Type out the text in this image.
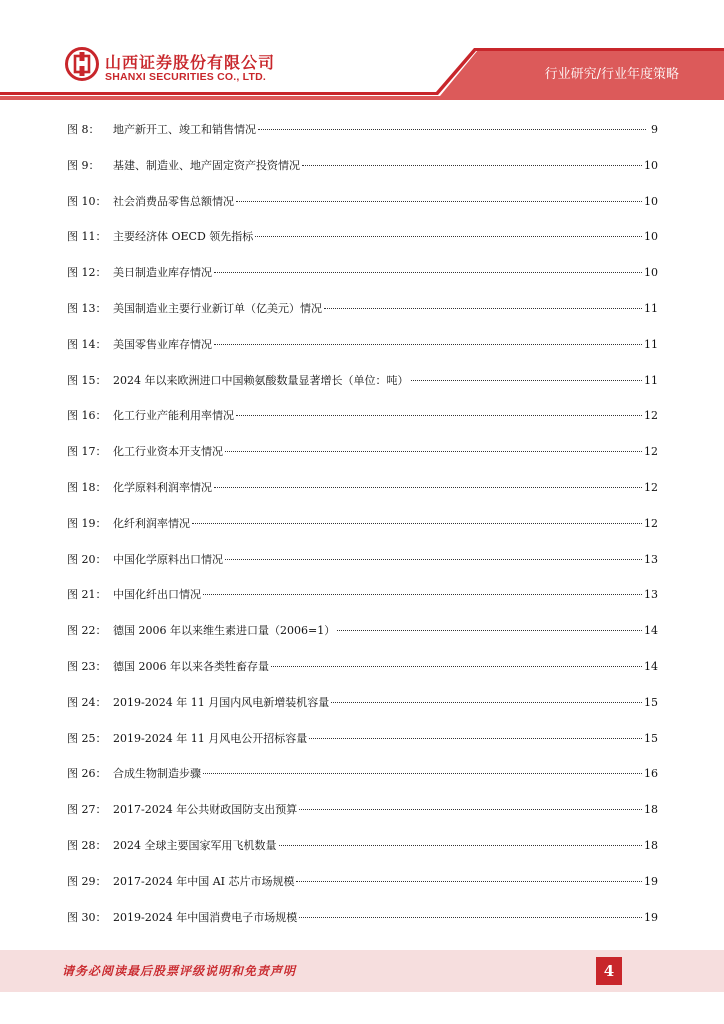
山西证券股份有限公司
SHANXI SECURITIES CO., LTD.	行业研究/行业年度策略
图 8：	地产新开工、竣工和销售情况	9
图 9：	基建、制造业、地产固定资产投资情况	10
图 10： 社会消费品零售总额情况	10
图 11： 主要经济体 OECD 领先指标	10
图 12： 美日制造业库存情况	10
图 13： 美国制造业主要行业新订单（亿美元）情况	11
图 14： 美国零售业库存情况	11
图 15： 2024 年以来欧洲进口中国赖氨酸数量显著增长（单位：吨）	11
图 16： 化工行业产能利用率情况	12
图 17： 化工行业资本开支情况	12
图 18： 化学原料利润率情况	12
图 19： 化纤利润率情况	12
图 20： 中国化学原料出口情况	13
图 21： 中国化纤出口情况	13
图 22： 德国 2006 年以来维生素进口量（2006=1）	14
图 23： 德国 2006 年以来各类牲畜存量	14
图 24： 2019-2024 年 11 月国内风电新增装机容量	15
图 25： 2019-2024 年 11 月风电公开招标容量	15
图 26： 合成生物制造步骤	16
图 27： 2017-2024 年公共财政国防支出预算	18
图 28： 2024 全球主要国家军用飞机数量	18
图 29： 2017-2024 年中国 AI 芯片市场规模	19
图 30： 2019-2024 年中国消费电子市场规模	19
请务必阅读最后股票评级说明和免责声明	4
